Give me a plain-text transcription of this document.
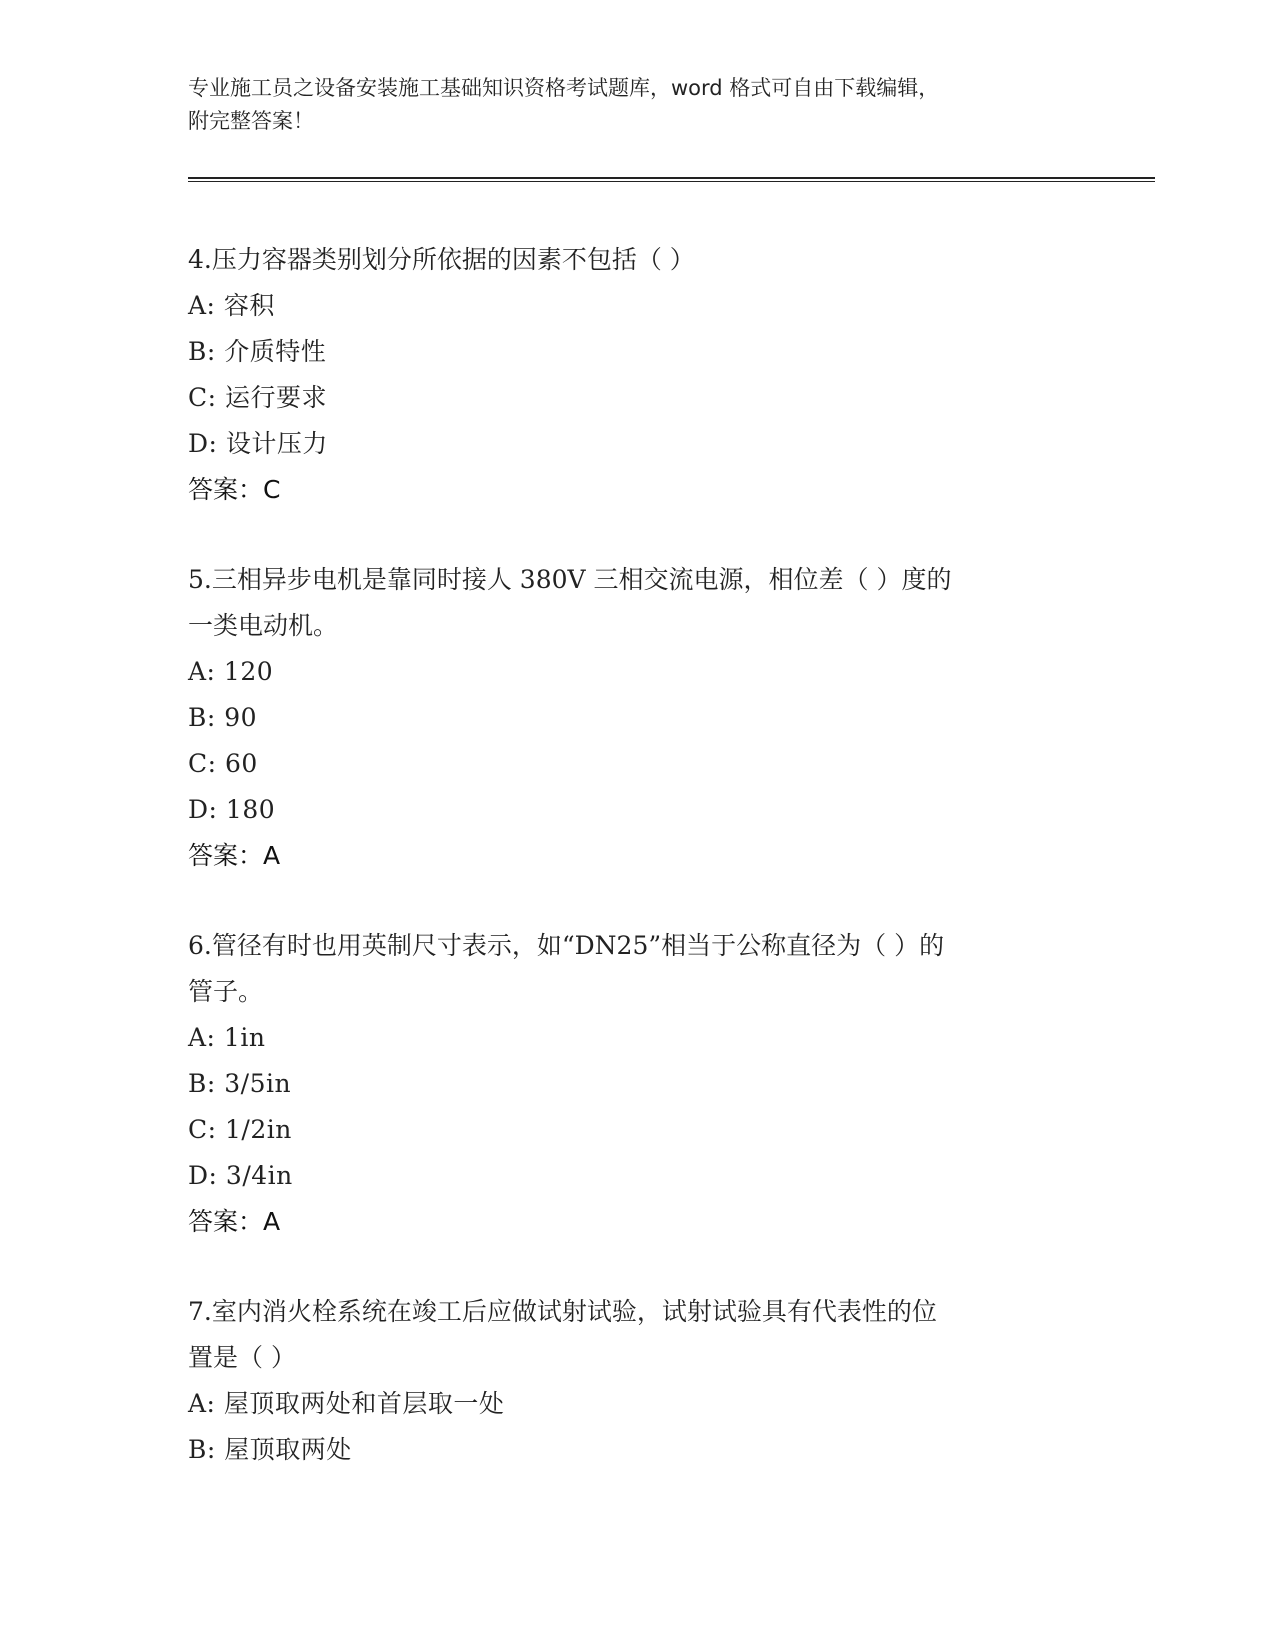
专业施工员之设备安装施工基础知识资格考试题库，word 格式可自由下载编辑，
附完整答案！
4.压力容器类别划分所依据的因素不包括（ ）
A: 容积
B: 介质特性
C: 运行要求
D: 设计压力
答案：C
5.三相异步电机是靠同时接人 380V 三相交流电源，相位差（ ）度的
一类电动机。
A: 120
B: 90
C: 60
D: 180
答案：A
6.管径有时也用英制尺寸表示，如“DN25”相当于公称直径为（ ）的
管子。
A: 1in
B: 3/5in
C: 1/2in
D: 3/4in
答案：A
7.室内消火栓系统在竣工后应做试射试验，试射试验具有代表性的位
置是（ ）
A: 屋顶取两处和首层取一处
B: 屋顶取两处
